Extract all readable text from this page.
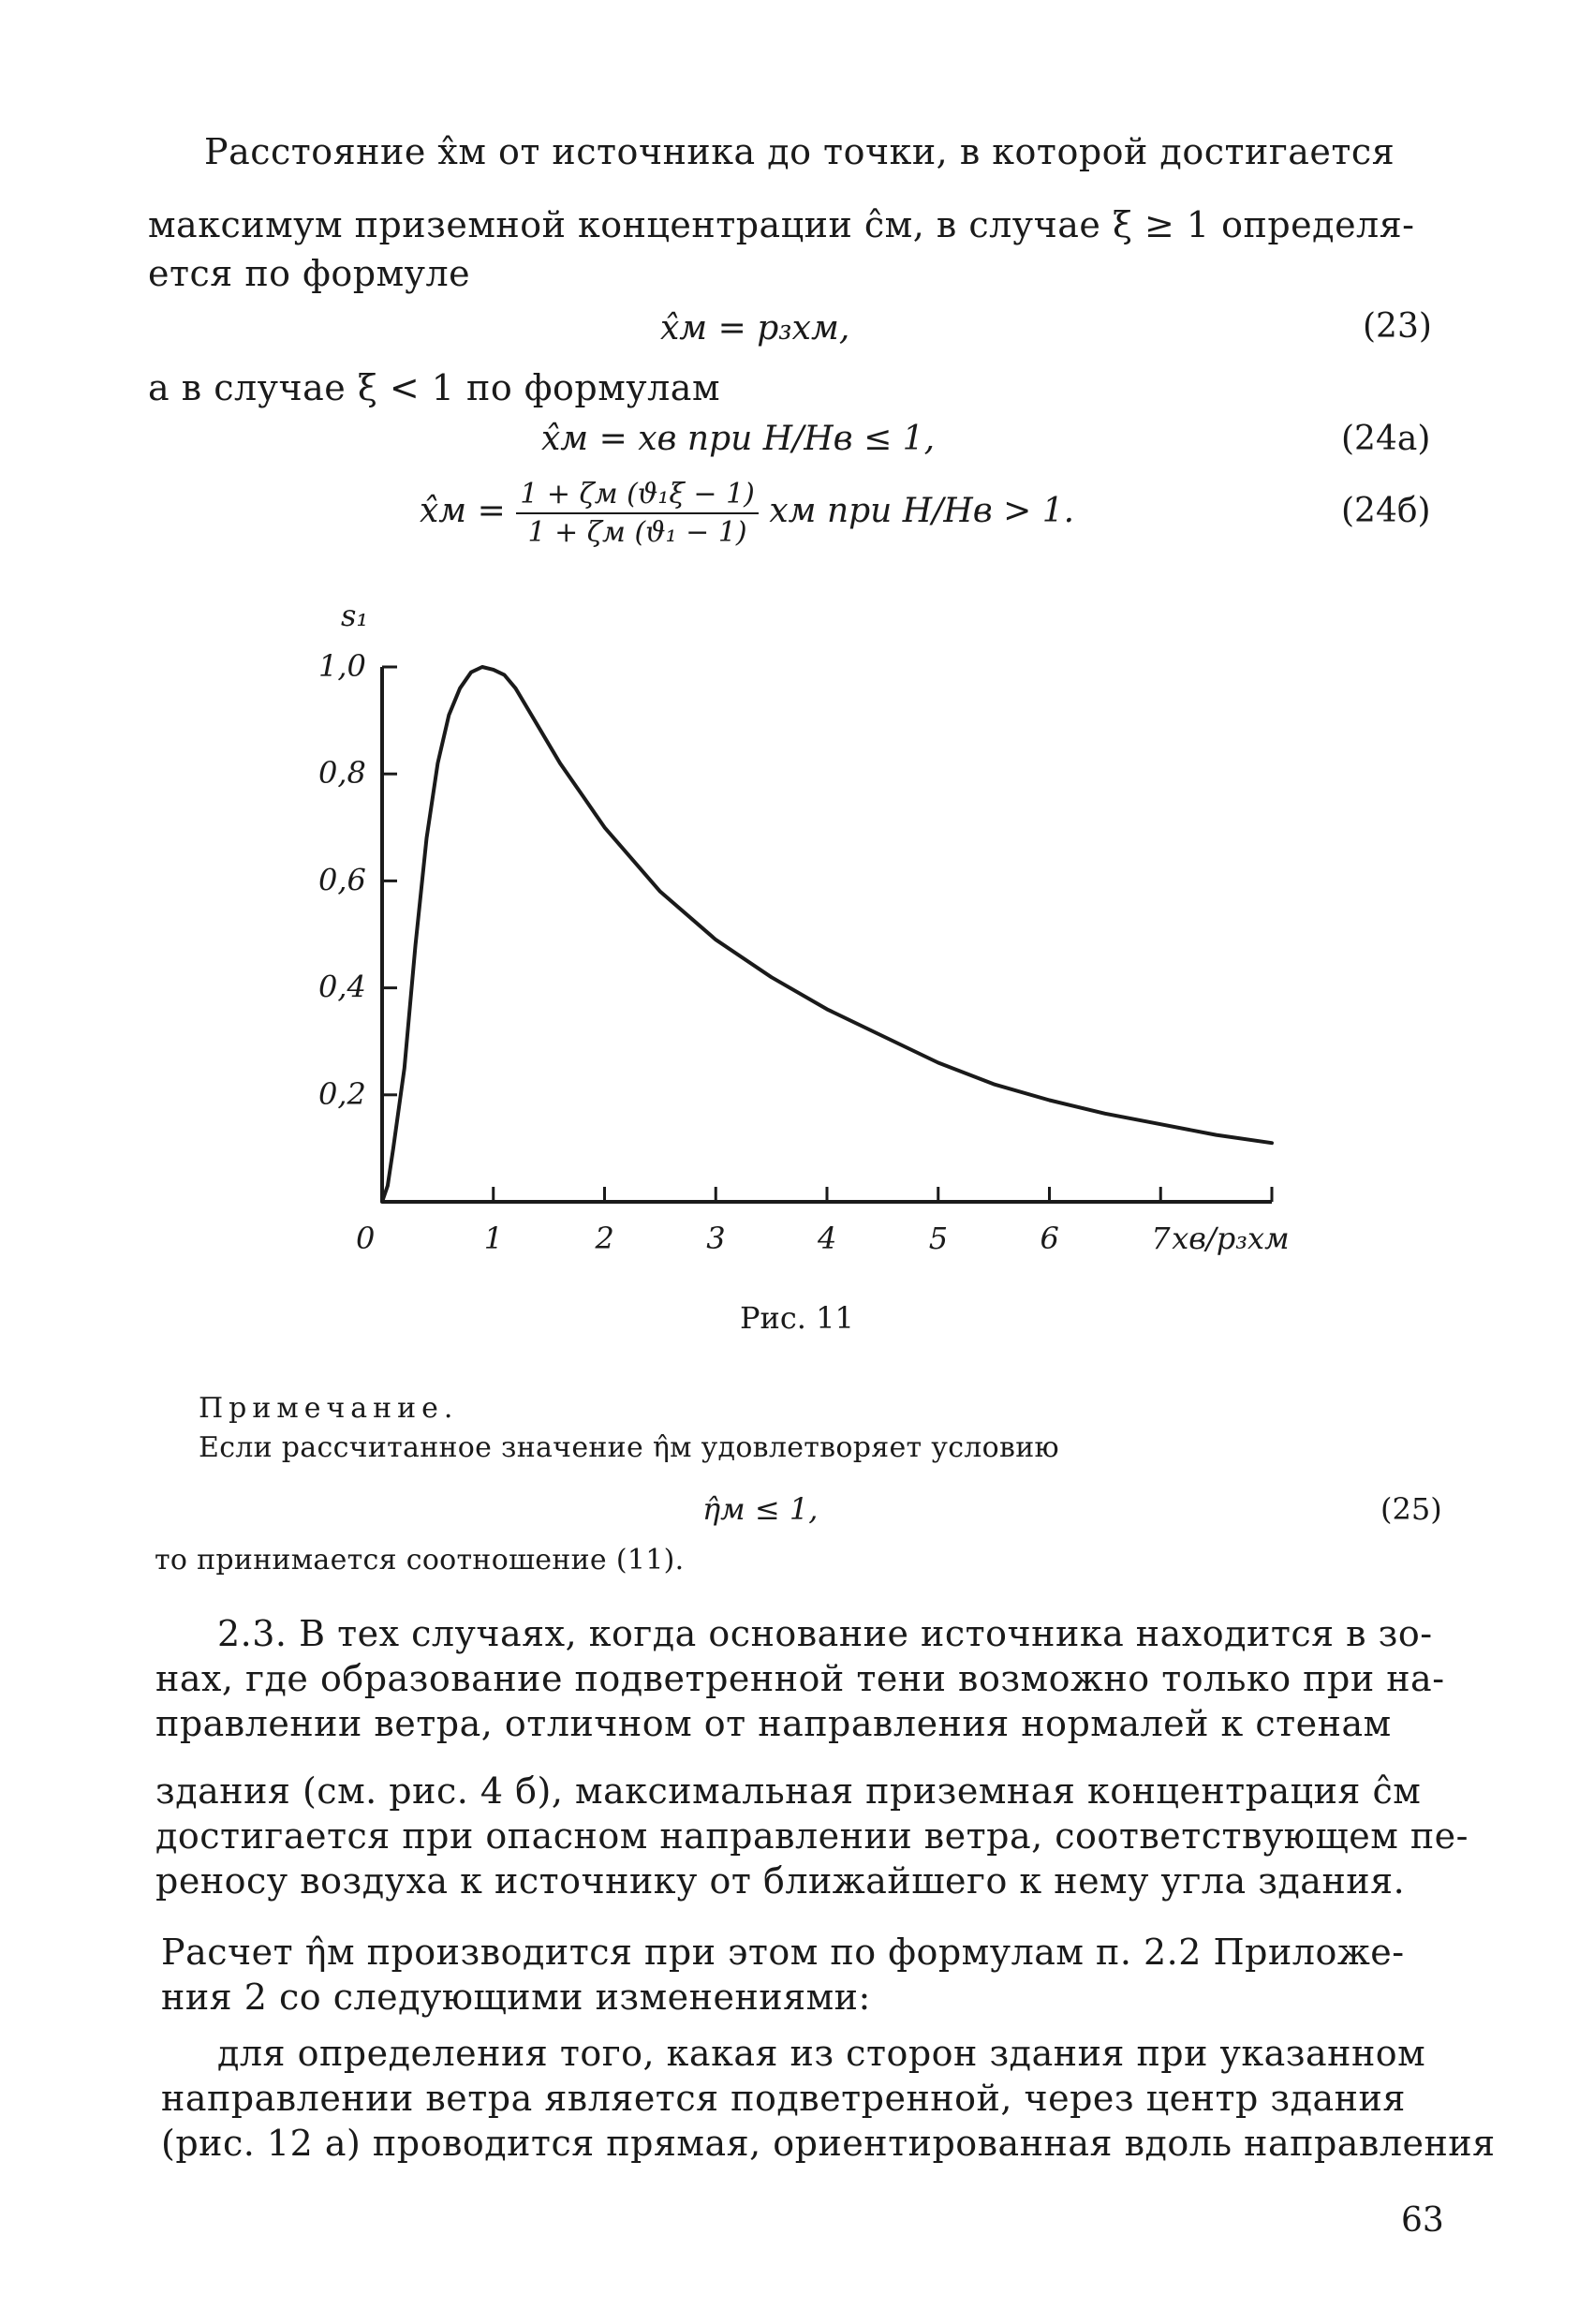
Расстояние x̂м от источника до точки, в которой достигается
максимум приземной концентрации ĉм, в случае ξ ≥ 1 определя-
ется по формуле
x̂м = p₃xм,	(23)
а в случае ξ < 1 по формулам
x̂м = xв при H/Hв ≤ 1,	(24а)
x̂м = $\frac{\text{1 + ζм (ϑ₁ξ − 1)}}{\text{1 + ζм (ϑ₁ − 1)}}$ xм при H/Hв > 1.	(24б)
0	1	2	3	4	5	6	7
0,2
0,4
0,6
0,8
1,0
s₁
xв/p₃xм
Рис. 11
Примечание.
Если рассчитанное значение η̂м удовлетворяет условию
η̂м ≤ 1,	(25)
то принимается соотношение (11).
2.3. В тех случаях, когда основание источника находится в зо-
нах, где образование подветренной тени возможно только при на-
правлении ветра, отличном от направления нормалей к стенам
здания (см. рис. 4 б), максимальная приземная концентрация ĉм
достигается при опасном направлении ветра, соответствующем пе-
реносу воздуха к источнику от ближайшего к нему угла здания.
Расчет η̂м производится при этом по формулам п. 2.2 Приложе-
ния 2 со следующими изменениями:
для определения того, какая из сторон здания при указанном
направлении ветра является подветренной, через центр здания
(рис. 12 а) проводится прямая, ориентированная вдоль направления
63
